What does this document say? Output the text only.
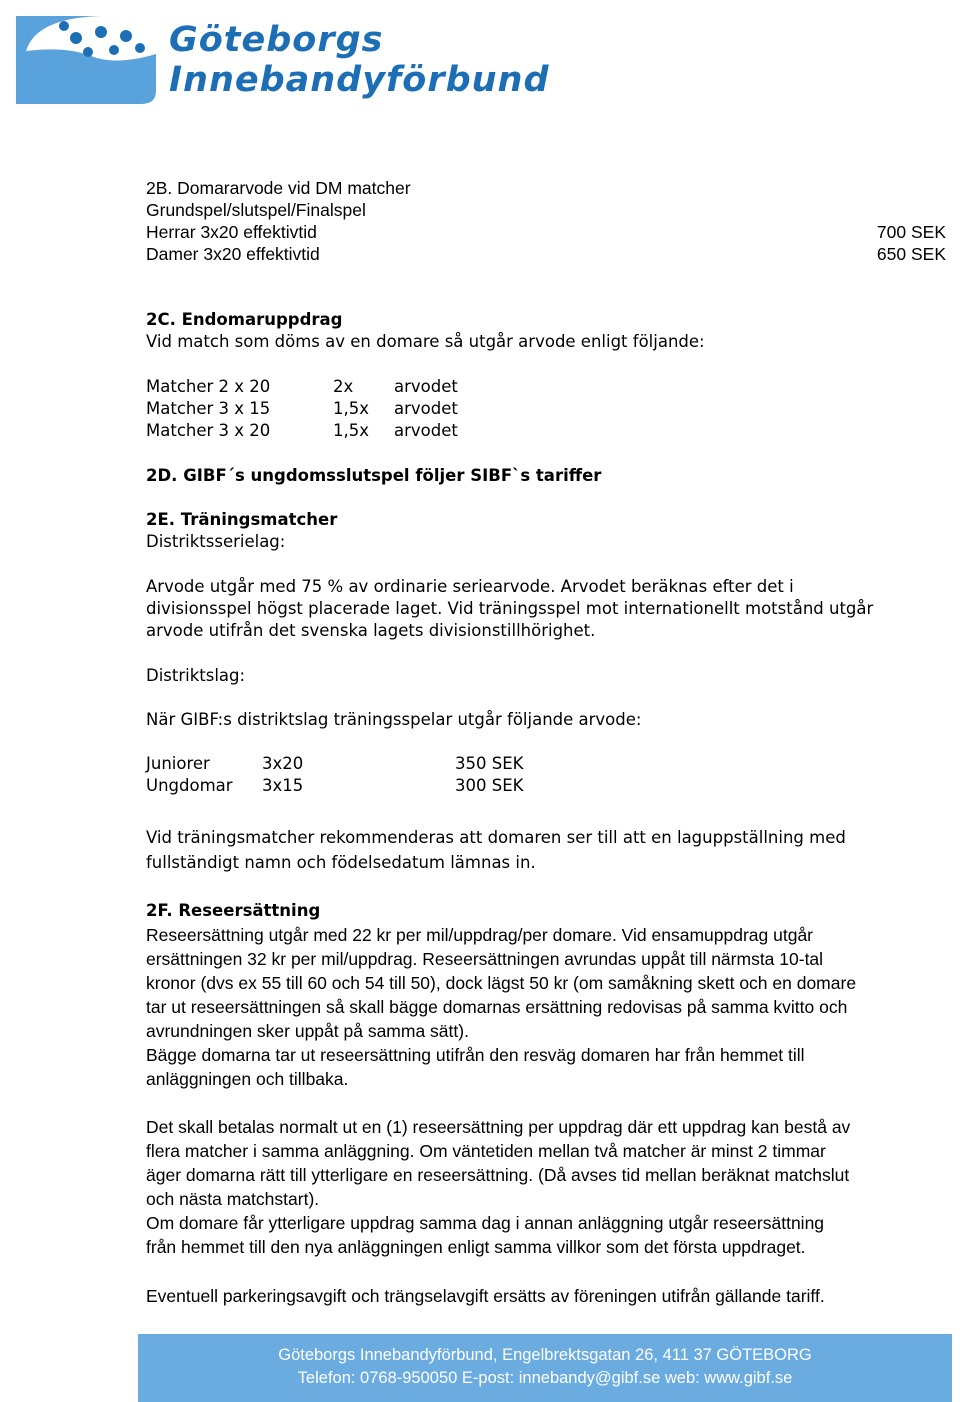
Göteborgs
Innebandyförbund
2B. Domararvode vid DM matcher
Grundspel/slutspel/Finalspel
Herrar 3x20 effektivtid	700 SEK
Damer 3x20 effektivtid	650 SEK
2C. Endomaruppdrag
Vid match som döms av en domare så utgår arvode enligt följande:
Matcher 2 x 20	2x arvodet
Matcher 3 x 15	1,5x arvodet
Matcher 3 x 20	1,5x arvodet
2D. GIBF´s ungdomsslutspel följer SIBF`s tariffer
2E. Träningsmatcher
Distriktsserielag:
Arvode utgår med 75 % av ordinarie seriearvode. Arvodet beräknas efter det i
divisionsspel högst placerade laget. Vid träningsspel mot internationellt motstånd utgår
arvode utifrån det svenska lagets divisionstillhörighet.
Distriktslag:
När GIBF:s distriktslag träningsspelar utgår följande arvode:
Juniorer	3x20	350 SEK
Ungdomar 3x15	300 SEK
Vid träningsmatcher rekommenderas att domaren ser till att en laguppställning med
fullständigt namn och födelsedatum lämnas in.
2F. Reseersättning
Reseersättning utgår med 22 kr per mil/uppdrag/per domare. Vid ensamuppdrag utgår
ersättningen 32 kr per mil/uppdrag. Reseersättningen avrundas uppåt till närmsta 10-tal
kronor (dvs ex 55 till 60 och 54 till 50), dock lägst 50 kr (om samåkning skett och en domare
tar ut reseersättningen så skall bägge domarnas ersättning redovisas på samma kvitto och
avrundningen sker uppåt på samma sätt).
Bägge domarna tar ut reseersättning utifrån den resväg domaren har från hemmet till
anläggningen och tillbaka.
Det skall betalas normalt ut en (1) reseersättning per uppdrag där ett uppdrag kan bestå av
flera matcher i samma anläggning. Om väntetiden mellan två matcher är minst 2 timmar
äger domarna rätt till ytterligare en reseersättning. (Då avses tid mellan beräknat matchslut
och nästa matchstart).
Om domare får ytterligare uppdrag samma dag i annan anläggning utgår reseersättning
från hemmet till den nya anläggningen enligt samma villkor som det första uppdraget.
Eventuell parkeringsavgift och trängselavgift ersätts av föreningen utifrån gällande tariff.
Göteborgs Innebandyförbund, Engelbrektsgatan 26, 411 37 GÖTEBORG
Telefon: 0768-950050 E-post: innebandy@gibf.se web: www.gibf.se
